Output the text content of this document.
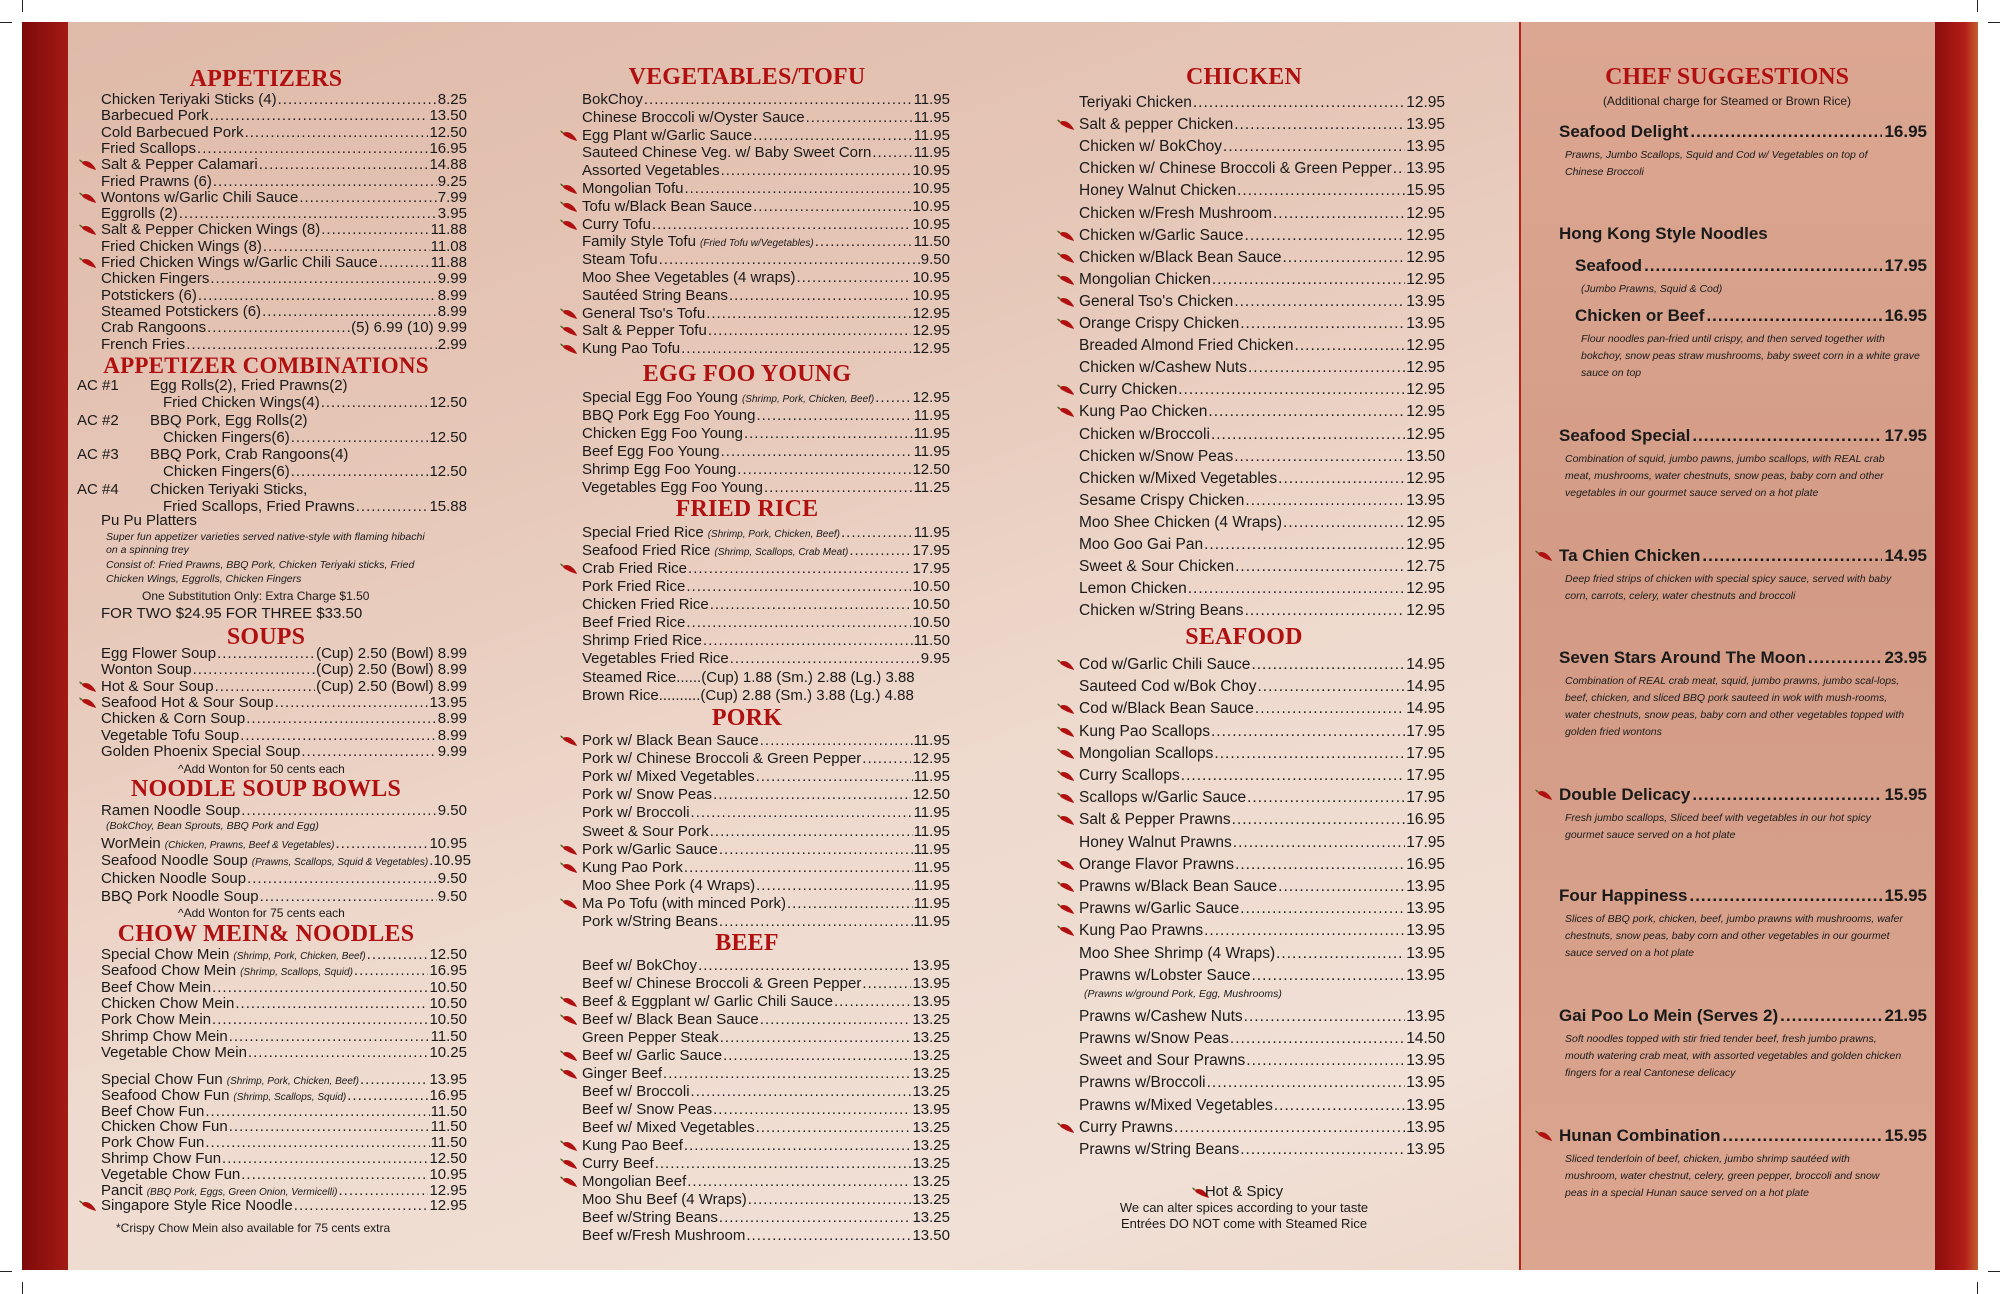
APPETIZERS
Chicken Teriyaki Sticks (4) .....	8.25
Barbecued Pork .....	13.50
Cold Barbecued Pork .....	12.50
Fried Scallops .....	16.95
Salt & Pepper Calamari .....	14.88
Fried Prawns (6) .....	9.25
Wontons w/Garlic Chili Sauce .....	7.99
Eggrolls (2) .....	3.95
Salt & Pepper Chicken Wings (8) .....	11.88
Fried Chicken Wings (8) .....	11.08
Fried Chicken Wings w/Garlic Chili Sauce .....	11.88
Chicken Fingers .....	9.99
Potstickers (6) .....	8.99
Steamed Potstickers (6) .....	8.99
Crab Rangoons .....	(5) 6.99 (10) 9.99
French Fries .....	2.99
APPETIZER COMBINATIONS
AC #1 Egg Rolls(2), Fried Prawns(2)
Fried Chicken Wings(4) .....	12.50
AC #2 BBQ Pork, Egg Rolls(2)
Chicken Fingers(6) .....	12.50
AC #3 BBQ Pork, Crab Rangoons(4)
Chicken Fingers(6) .....	12.50
AC #4 Chicken Teriyaki Sticks,
Fried Scallops, Fried Prawns .....	15.88
Pu Pu Platters
Super fun appetizer varieties served native-style with flaming hibachi
on a spinning trey
Consist of: Fried Prawns, BBQ Pork, Chicken Teriyaki sticks, Fried
Chicken Wings, Eggrolls, Chicken Fingers
One Substitution Only: Extra Charge $1.50
FOR TWO $24.95 FOR THREE $33.50
SOUPS
Egg Flower Soup .....	(Cup) 2.50 (Bowl) 8.99
Wonton Soup .....	(Cup) 2.50 (Bowl) 8.99
Hot & Sour Soup .....	(Cup) 2.50 (Bowl) 8.99
Seafood Hot & Sour Soup .....	13.95
Chicken & Corn Soup .....	8.99
Vegetable Tofu Soup .....	8.99
Golden Phoenix Special Soup .....	9.99
^Add Wonton for 50 cents each
NOODLE SOUP BOWLS
Ramen Noodle Soup .....	9.50
(BokChoy, Bean Sprouts, BBQ Pork and Egg)
WorMein (Chicken, Prawns, Beef & Vegetables) .....	10.95
Seafood Noodle Soup (Prawns, Scallops, Squid & Vegetables) ..... 10.95
Chicken Noodle Soup .....	9.50
BBQ Pork Noodle Soup .....	9.50
^Add Wonton for 75 cents each
CHOW MEIN& NOODLES
Special Chow Mein (Shrimp, Pork, Chicken, Beef) .....	12.50
Seafood Chow Mein (Shrimp, Scallops, Squid) .....	16.95
Beef Chow Mein .....	10.50
Chicken Chow Mein .....	10.50
Pork Chow Mein .....	10.50
Shrimp Chow Mein .....	11.50
Vegetable Chow Mein .....	10.25
Special Chow Fun (Shrimp, Pork, Chicken, Beef) .....	13.95
Seafood Chow Fun (Shrimp, Scallops, Squid) .....	16.95
Beef Chow Fun .....	11.50
Chicken Chow Fun .....	11.50
Pork Chow Fun .....	11.50
Shrimp Chow Fun .....	12.50
Vegetable Chow Fun .....	10.95
Pancit (BBQ Pork, Eggs, Green Onion, Vermicelli) .....	12.95
Singapore Style Rice Noodle .....	12.95
*Crispy Chow Mein also available for 75 cents extra
VEGETABLES/TOFU
BokChoy .....	11.95
Chinese Broccoli w/Oyster Sauce .....	11.95
Egg Plant w/Garlic Sauce .....	11.95
Sauteed Chinese Veg. w/ Baby Sweet Corn .....	11.95
Assorted Vegetables .....	10.95
Mongolian Tofu .....	10.95
Tofu w/Black Bean Sauce .....	10.95
Curry Tofu .....	10.95
Family Style Tofu (Fried Tofu w/Vegetables) .....	11.50
Steam Tofu .....	9.50
Moo Shee Vegetables (4 wraps) .....	10.95
Sautéed String Beans .....	10.95
General Tso's Tofu .....	12.95
Salt & Pepper Tofu .....	12.95
Kung Pao Tofu .....	12.95
EGG FOO YOUNG
Special Egg Foo Young (Shrimp, Pork, Chicken, Beef) .....	12.95
BBQ Pork Egg Foo Young .....	11.95
Chicken Egg Foo Young .....	11.95
Beef Egg Foo Young .....	11.95
Shrimp Egg Foo Young .....	12.50
Vegetables Egg Foo Young .....	11.25
FRIED RICE
Special Fried Rice (Shrimp, Pork, Chicken, Beef) .....	11.95
Seafood Fried Rice (Shrimp, Scallops, Crab Meat) .....	17.95
Crab Fried Rice .....	17.95
Pork Fried Rice .....	10.50
Chicken Fried Rice .....	10.50
Beef Fried Rice .....	10.50
Shrimp Fried Rice .....	11.50
Vegetables Fried Rice .....	9.95
Steamed Rice......(Cup) 1.88 (Sm.) 2.88 (Lg.) 3.88
Brown Rice..........(Cup) 2.88 (Sm.) 3.88 (Lg.) 4.88
PORK
Pork w/ Black Bean Sauce .....	11.95
Pork w/ Chinese Broccoli & Green Pepper .....	12.95
Pork w/ Mixed Vegetables .....	11.95
Pork w/ Snow Peas .....	12.50
Pork w/ Broccoli .....	11.95
Sweet & Sour Pork .....	11.95
Pork w/Garlic Sauce .....	11.95
Kung Pao Pork .....	11.95
Moo Shee Pork (4 Wraps) .....	11.95
Ma Po Tofu (with minced Pork) .....	11.95
Pork w/String Beans .....	11.95
BEEF
Beef w/ BokChoy .....	13.95
Beef w/ Chinese Broccoli & Green Pepper .....	13.95
Beef & Eggplant w/ Garlic Chili Sauce .....	13.95
Beef w/ Black Bean Sauce .....	13.25
Green Pepper Steak .....	13.25
Beef w/ Garlic Sauce .....	13.25
Ginger Beef .....	13.25
Beef w/ Broccoli .....	13.25
Beef w/ Snow Peas .....	13.95
Beef w/ Mixed Vegetables .....	13.25
Kung Pao Beef .....	13.25
Curry Beef .....	13.25
Mongolian Beef .....	13.25
Moo Shu Beef (4 Wraps) .....	13.25
Beef w/String Beans .....	13.25
Beef w/Fresh Mushroom .....	13.50
CHICKEN
Teriyaki Chicken .....	12.95
Salt & pepper Chicken .....	13.95
Chicken w/ BokChoy .....	13.95
Chicken w/ Chinese Broccoli & Green Pepper ..... 13.95
Honey Walnut Chicken .....	15.95
Chicken w/Fresh Mushroom .....	12.95
Chicken w/Garlic Sauce .....	12.95
Chicken w/Black Bean Sauce .....	12.95
Mongolian Chicken .....	12.95
General Tso's Chicken .....	13.95
Orange Crispy Chicken .....	13.95
Breaded Almond Fried Chicken .....	12.95
Chicken w/Cashew Nuts .....	12.95
Curry Chicken .....	12.95
Kung Pao Chicken .....	12.95
Chicken w/Broccoli .....	12.95
Chicken w/Snow Peas .....	13.50
Chicken w/Mixed Vegetables .....	12.95
Sesame Crispy Chicken .....	13.95
Moo Shee Chicken (4 Wraps) .....	12.95
Moo Goo Gai Pan .....	12.95
Sweet & Sour Chicken .....	12.75
Lemon Chicken .....	12.95
Chicken w/String Beans .....	12.95
SEAFOOD
Cod w/Garlic Chili Sauce .....	14.95
Sauteed Cod w/Bok Choy .....	14.95
Cod w/Black Bean Sauce .....	14.95
Kung Pao Scallops .....	17.95
Mongolian Scallops .....	17.95
Curry Scallops .....	17.95
Scallops w/Garlic Sauce .....	17.95
Salt & Pepper Prawns .....	16.95
Honey Walnut Prawns .....	17.95
Orange Flavor Prawns .....	16.95
Prawns w/Black Bean Sauce .....	13.95
Prawns w/Garlic Sauce .....	13.95
Kung Pao Prawns .....	13.95
Moo Shee Shrimp (4 Wraps) .....	13.95
Prawns w/Lobster Sauce .....	13.95
Prawns w/Cashew Nuts .....	13.95
Prawns w/Snow Peas .....	14.50
Sweet and Sour Prawns .....	13.95
Prawns w/Broccoli .....	13.95
Prawns w/Mixed Vegetables .....	13.95
Curry Prawns .....	13.95
Prawns w/String Beans .....	13.95
(Prawns w/ground Pork, Egg, Mushrooms)
Hot & Spicy
We can alter spices according to your taste
Entrées DO NOT come with Steamed Rice
CHEF SUGGESTIONS
(Additional charge for Steamed or Brown Rice)
Seafood Delight .....	16.95
Prawns, Jumbo Scallops, Squid and Cod w/ Vegetables on top of Chinese Broccoli
Hong Kong Style Noodles
Seafood .....	17.95
(Jumbo Prawns, Squid & Cod)
Chicken or Beef .....	16.95
Flour noodles pan-fried until crispy, and then served together with bokchoy, snow peas straw mushrooms, baby sweet corn in a white grave sauce on top
Seafood Special .....	17.95
Combination of squid, jumbo pawns, jumbo scallops, with REAL crab meat, mushrooms, water chestnuts, snow peas, baby corn and other vegetables in our gourmet sauce served on a hot plate
Ta Chien Chicken .....	14.95
Deep fried strips of chicken with special spicy sauce, served with baby corn, carrots, celery, water chestnuts and broccoli
Seven Stars Around The Moon .....	23.95
Combination of REAL crab meat, squid, jumbo prawns, jumbo scal-lops, beef, chicken, and sliced BBQ pork sauteed in wok with mush-rooms, water chestnuts, snow peas, baby corn and other vegetables topped with golden fried wontons
Double Delicacy .....	15.95
Fresh jumbo scallops, Sliced beef with vegetables in our hot spicy gourmet sauce served on a hot plate
Four Happiness .....	15.95
Slices of BBQ pork, chicken, beef, jumbo prawns with mushrooms, wafer chestnuts, snow peas, baby corn and other vegetables in our gourmet sauce served on a hot plate
Gai Poo Lo Mein (Serves 2) .....	21.95
Soft noodles topped with stir fried tender beef, fresh jumbo prawns, mouth watering crab meat, with assorted vegetables and golden chicken fingers for a real Cantonese delicacy
Hunan Combination .....	15.95
Sliced tenderloin of beef, chicken, jumbo shrimp sautéed with mushroom, water chestnut, celery, green pepper, broccoli and snow peas in a special Hunan sauce served on a hot plate
